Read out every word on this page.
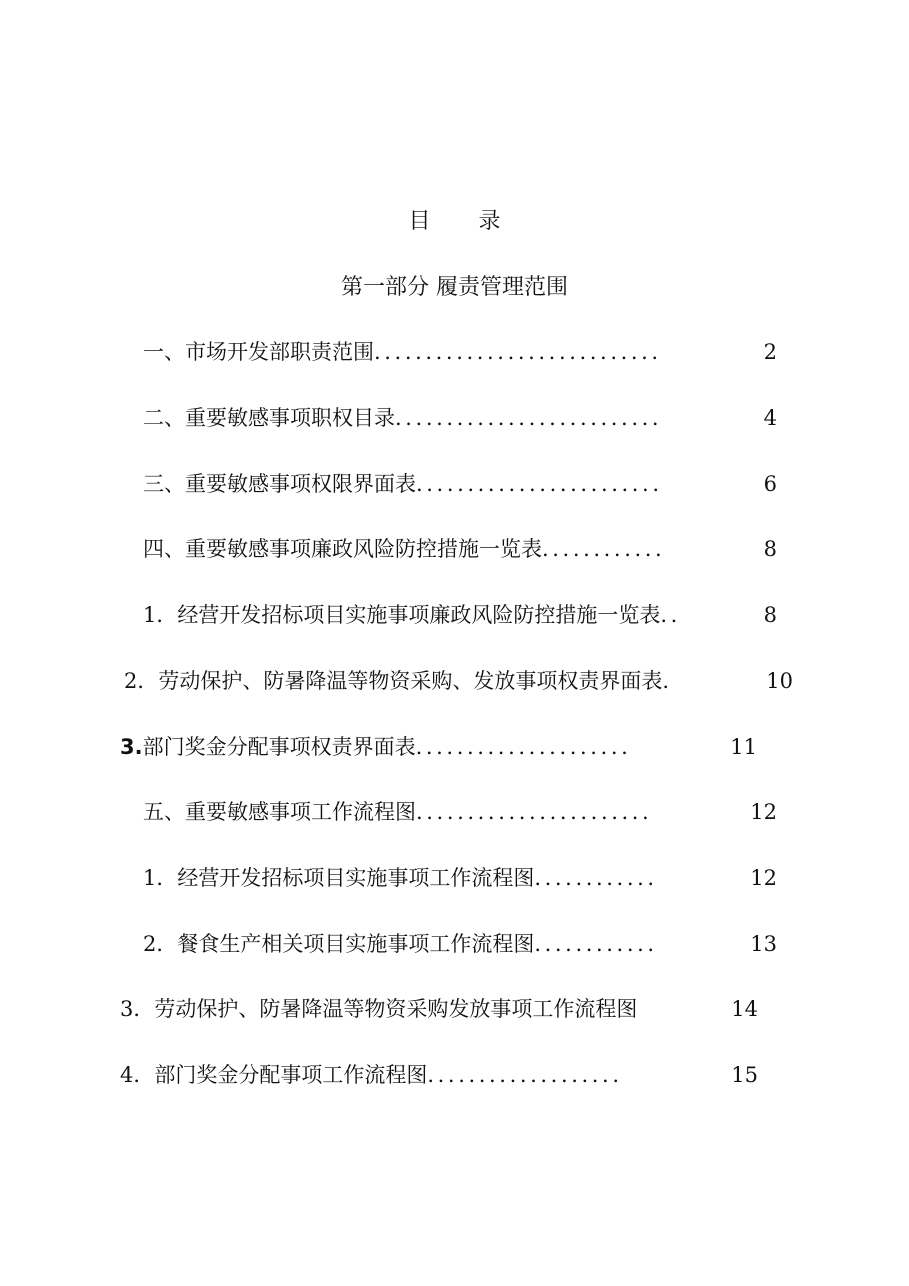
目录
第一部分 履责管理范围
一、市场开发部职责范围 ............................	2
二、重要敏感事项职权目录 ..........................	4
三、重要敏感事项权限界面表 ........................	6
四、重要敏感事项廉政风险防控措施一览表 ............	8
1．经营开发招标项目实施事项廉政风险防控措施一览表 ..	8
2．劳动保护、防暑降温等物资采购、发放事项权责界面表 .	10
3. 部门奖金分配事项权责界面表 .....................	11
五、重要敏感事项工作流程图 .......................	12
1．经营开发招标项目实施事项工作流程图 ............	12
2．餐食生产相关项目实施事项工作流程图 ............	13
3．劳动保护、防暑降温等物资采购发放事项工作流程图	14
4．部门奖金分配事项工作流程图 ...................	15
